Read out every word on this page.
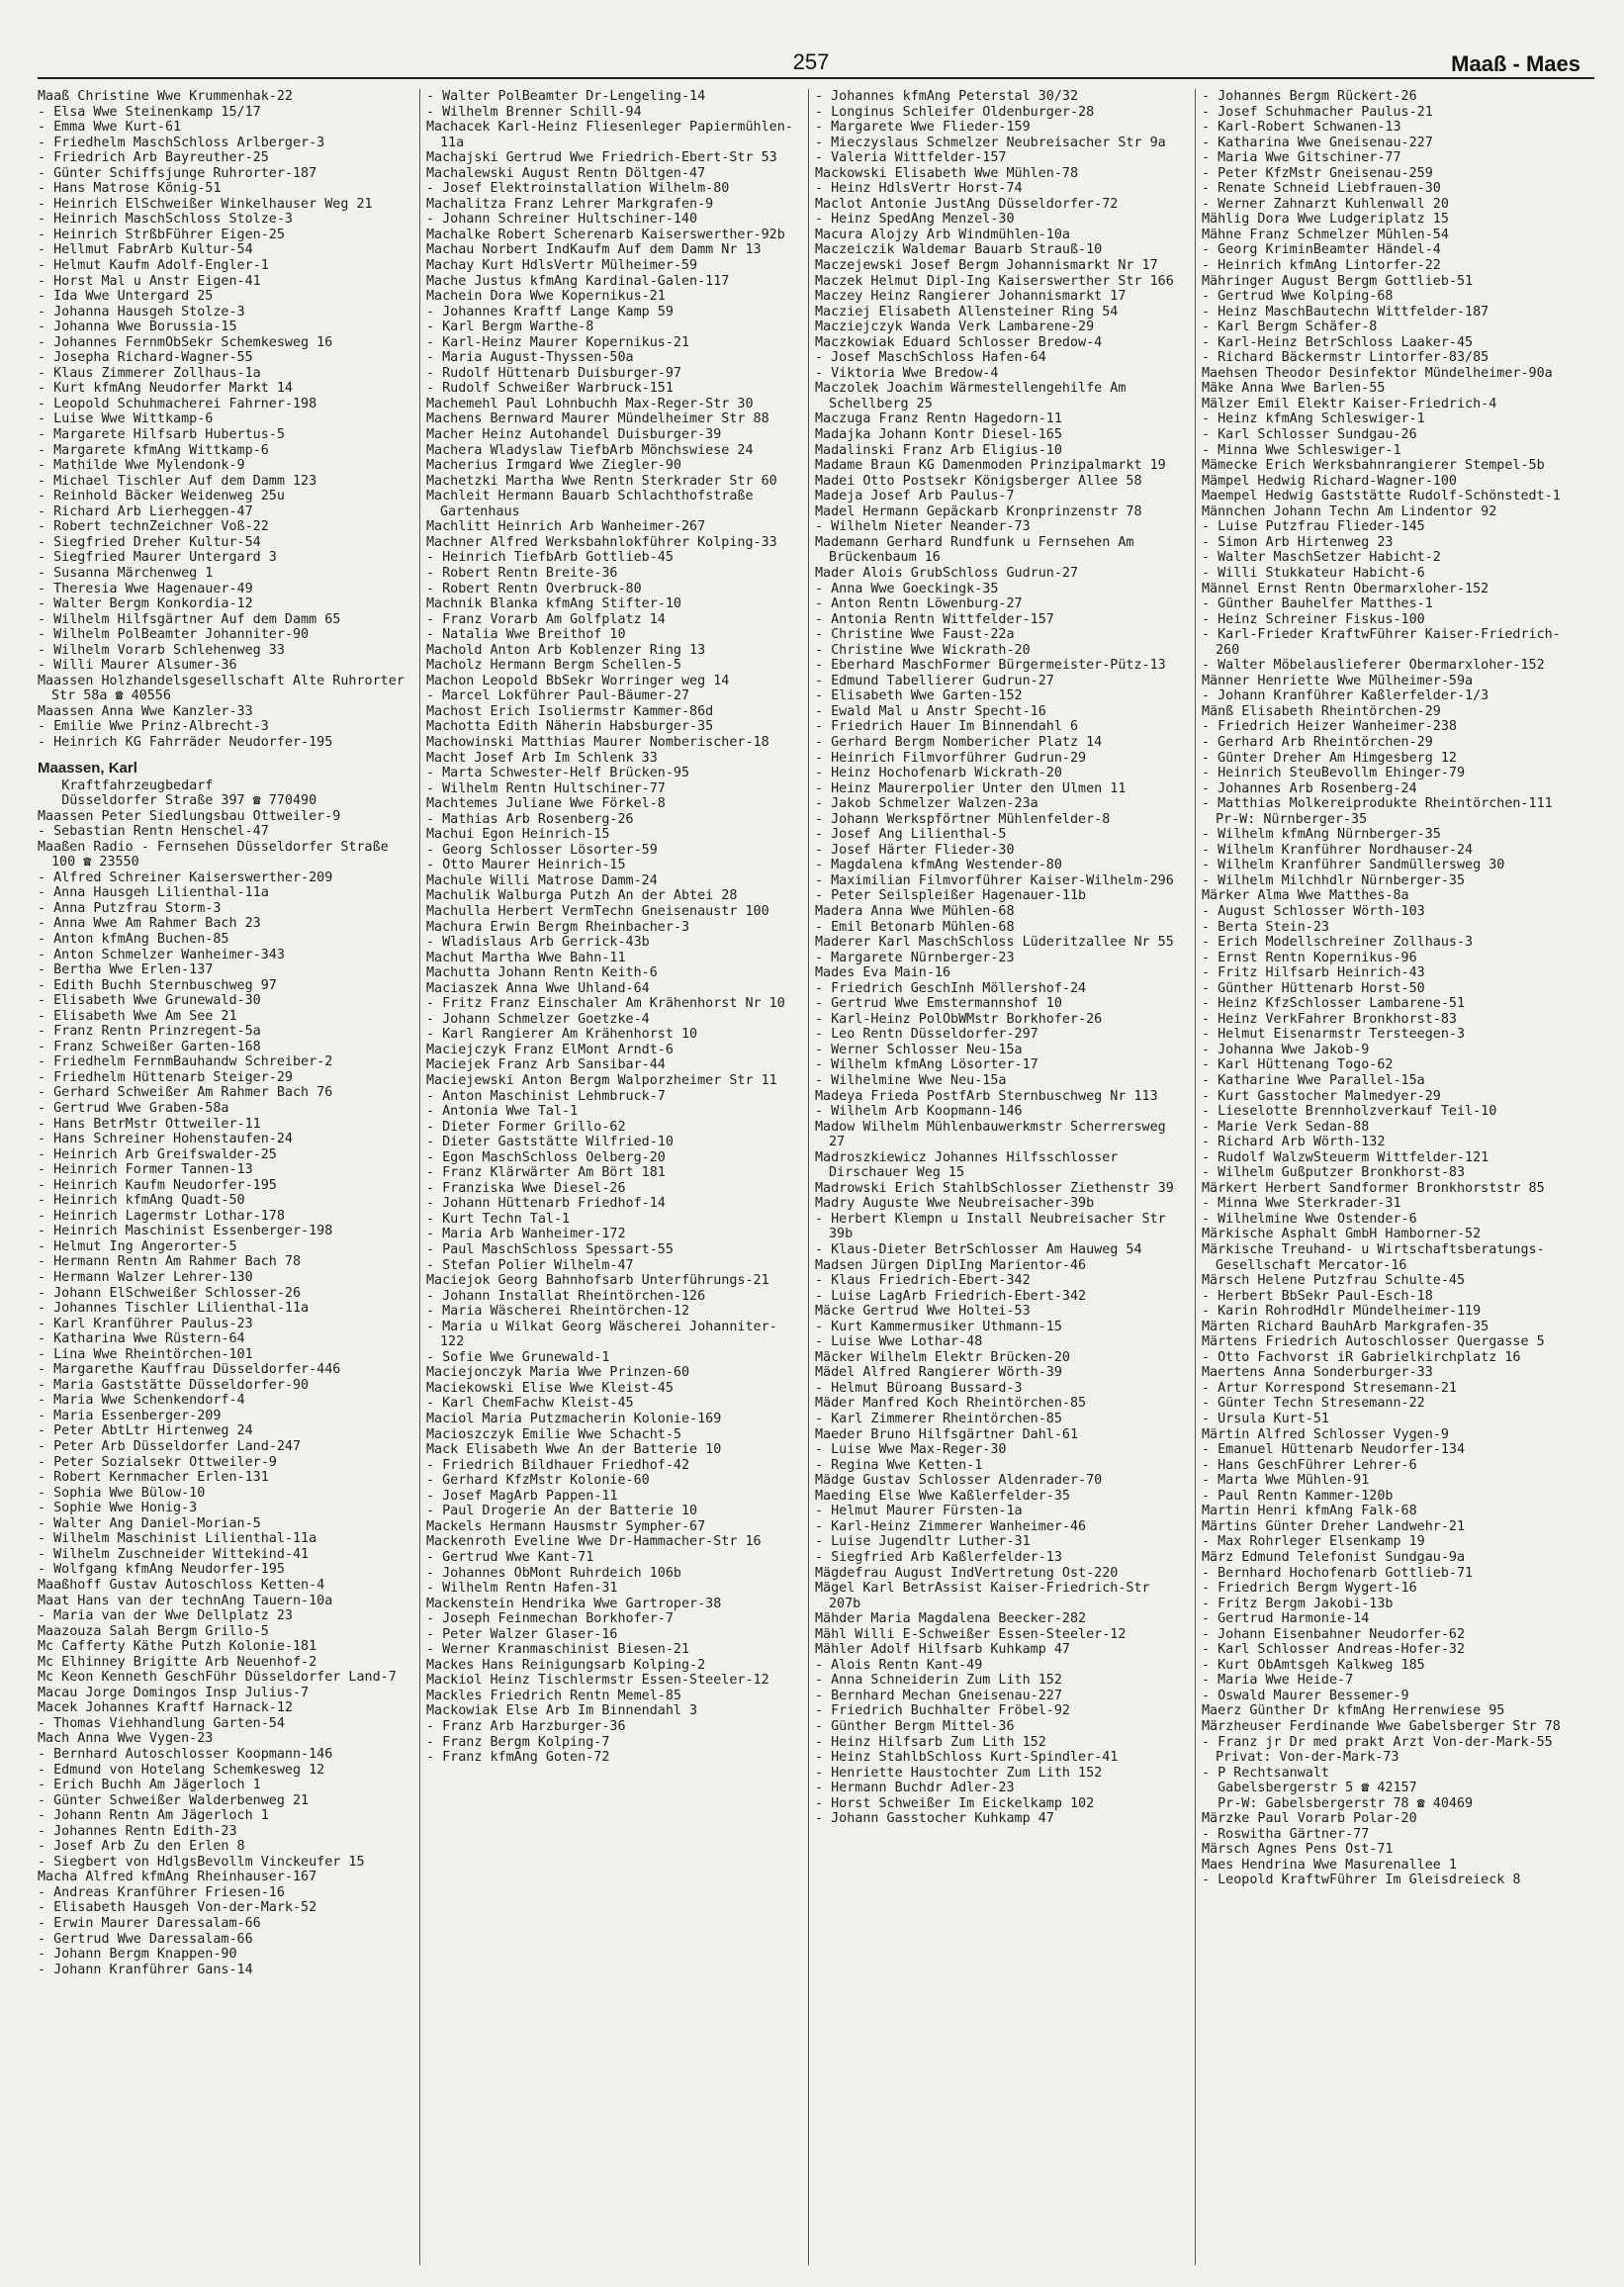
257	Maaß - Maes
Maaß Christine Wwe Krummenhak-22
- Elsa Wwe Steinenkamp 15/17
- Emma Wwe Kurt-61
- Friedhelm MaschSchloss Arlberger-3
- Friedrich Arb Bayreuther-25
- Günter Schiffsjunge Ruhrorter-187
- Hans Matrose König-51
- Heinrich ElSchweißer Winkelhauser Weg 21
- Heinrich MaschSchloss Stolze-3
- Heinrich StrßbFührer Eigen-25
- Hellmut FabrArb Kultur-54
- Helmut Kaufm Adolf-Engler-1
- Horst Mal u Anstr Eigen-41
- Ida Wwe Untergard 25
- Johanna Hausgeh Stolze-3
- Johanna Wwe Borussia-15
- Johannes FernmObSekr Schemkesweg 16
- Josepha Richard-Wagner-55
- Klaus Zimmerer Zollhaus-1a
- Kurt kfmAng Neudorfer Markt 14
- Leopold Schuhmacherei Fahrner-198
- Luise Wwe Wittkamp-6
- Margarete Hilfsarb Hubertus-5
- Margarete kfmAng Wittkamp-6
- Mathilde Wwe Mylendonk-9
- Michael Tischler Auf dem Damm 123
- Reinhold Bäcker Weidenweg 25u
- Richard Arb Lierheggen-47
- Robert technZeichner Voß-22
- Siegfried Dreher Kultur-54
- Siegfried Maurer Untergard 3
- Susanna Märchenweg 1
- Theresia Wwe Hagenauer-49
- Walter Bergm Konkordia-12
- Wilhelm Hilfsgärtner Auf dem Damm 65
- Wilhelm PolBeamter Johanniter-90
- Wilhelm Vorarb Schlehenweg 33
- Willi Maurer Alsumer-36
Maassen Holzhandelsgesellschaft Alte Ruhrorter Str 58a ☎ 40556
Maassen Anna Wwe Kanzler-33
- Emilie Wwe Prinz-Albrecht-3
- Heinrich KG Fahrräder Neudorfer-195
Maassen, Karl
Kraftfahrzeugbedarf
Düsseldorfer Straße 397 ☎ 770490
Maassen Peter Siedlungsbau Ottweiler-9
- Sebastian Rentn Henschel-47
Maaßen Radio - Fernsehen Düsseldorfer Straße 100 ☎ 23550
- Alfred Schreiner Kaiserswerther-209
- Anna Hausgeh Lilienthal-11a
- Anna Putzfrau Storm-3
- Anna Wwe Am Rahmer Bach 23
- Anton kfmAng Buchen-85
- Anton Schmelzer Wanheimer-343
- Bertha Wwe Erlen-137
- Edith Buchh Sternbuschweg 97
- Elisabeth Wwe Grunewald-30
- Elisabeth Wwe Am See 21
- Franz Rentn Prinzregent-5a
- Franz Schweißer Garten-168
- Friedhelm FernmBauhandw Schreiber-2
- Friedhelm Hüttenarb Steiger-29
- Gerhard Schweißer Am Rahmer Bach 76
- Gertrud Wwe Graben-58a
- Hans BetrMstr Ottweiler-11
- Hans Schreiner Hohenstaufen-24
- Heinrich Arb Greifswalder-25
- Heinrich Former Tannen-13
- Heinrich Kaufm Neudorfer-195
- Heinrich kfmAng Quadt-50
- Heinrich Lagermstr Lothar-178
- Heinrich Maschinist Essenberger-198
- Helmut Ing Angerorter-5
- Hermann Rentn Am Rahmer Bach 78
- Hermann Walzer Lehrer-130
- Johann ElSchweißer Schlosser-26
- Johannes Tischler Lilienthal-11a
- Karl Kranführer Paulus-23
- Katharina Wwe Rüstern-64
- Lina Wwe Rheintörchen-101
- Margarethe Kauffrau Düsseldorfer-446
- Maria Gaststätte Düsseldorfer-90
- Maria Wwe Schenkendorf-4
- Maria Essenberger-209
- Peter AbtLtr Hirtenweg 24
- Peter Arb Düsseldorfer Land-247
- Peter Sozialsekr Ottweiler-9
- Robert Kernmacher Erlen-131
- Sophia Wwe Bülow-10
- Sophie Wwe Honig-3
- Walter Ang Daniel-Morian-5
- Wilhelm Maschinist Lilienthal-11a
- Wilhelm Zuschneider Wittekind-41
- Wolfgang kfmAng Neudorfer-195
Maaßhoff Gustav Autoschloss Ketten-4
Maat Hans van der technAng Tauern-10a
- Maria van der Wwe Dellplatz 23
Maazouza Salah Bergm Grillo-5
Mc Cafferty Käthe Putzh Kolonie-181
Mc Elhinney Brigitte Arb Neuenhof-2
Mc Keon Kenneth GeschFühr Düsseldorfer Land-7
Macau Jorge Domingos Insp Julius-7
Macek Johannes Kraftf Harnack-12
- Thomas Viehhandlung Garten-54
Mach Anna Wwe Vygen-23
- Bernhard Autoschlosser Koopmann-146
- Edmund von Hotelang Schemkesweg 12
- Erich Buchh Am Jägerloch 1
- Günter Schweißer Walderbenweg 21
- Johann Rentn Am Jägerloch 1
- Johannes Rentn Edith-23
- Josef Arb Zu den Erlen 8
- Siegbert von HdlgsBevollm Vinckeufer 15
Macha Alfred kfmAng Rheinhauser-167
- Andreas Kranführer Friesen-16
- Elisabeth Hausgeh Von-der-Mark-52
- Erwin Maurer Daressalam-66
- Gertrud Wwe Daressalam-66
- Johann Bergm Knappen-90
- Johann Kranführer Gans-14
- Walter PolBeamter Dr-Lengeling-14
- Wilhelm Brenner Schill-94
Machacek Karl-Heinz Fliesenleger Papiermühlen-11a
Machajski Gertrud Wwe Friedrich-Ebert-Str 53
Machalewski August Rentn Döltgen-47
- Josef Elektroinstallation Wilhelm-80
Machalitza Franz Lehrer Markgrafen-9
- Johann Schreiner Hultschiner-140
Machalke Robert Scherenarb Kaiserswerther-92b
Machau Norbert IndKaufm Auf dem Damm Nr 13
Machay Kurt HdlsVertr Mülheimer-59
Mache Justus kfmAng Kardinal-Galen-117
Machein Dora Wwe Kopernikus-21
- Johannes Kraftf Lange Kamp 59
- Karl Bergm Warthe-8
- Karl-Heinz Maurer Kopernikus-21
- Maria August-Thyssen-50a
- Rudolf Hüttenarb Duisburger-97
- Rudolf Schweißer Warbruck-151
Machemehl Paul Lohnbuchh Max-Reger-Str 30
Machens Bernward Maurer Mündelheimer Str 88
Macher Heinz Autohandel Duisburger-39
Machera Wladyslaw TiefbArb Mönchswiese 24
Macherius Irmgard Wwe Ziegler-90
Machetzki Martha Wwe Rentn Sterkrader Str 60
Machleit Hermann Bauarb Schlachthofstraße Gartenhaus
Machlitt Heinrich Arb Wanheimer-267
Machner Alfred Werksbahnlokführer Kolping-33
- Heinrich TiefbArb Gottlieb-45
- Robert Rentn Breite-36
- Robert Rentn Overbruck-80
Machnik Blanka kfmAng Stifter-10
- Franz Vorarb Am Golfplatz 14
- Natalia Wwe Breithof 10
Machold Anton Arb Koblenzer Ring 13
Macholz Hermann Bergm Schellen-5
Machon Leopold BbSekr Worringer weg 14
- Marcel Lokführer Paul-Bäumer-27
Machost Erich Isoliermstr Kammer-86d
Machotta Edith Näherin Habsburger-35
Machowinski Matthias Maurer Nomberischer-18
Macht Josef Arb Im Schlenk 33
- Marta Schwester-Helf Brücken-95
- Wilhelm Rentn Hultschiner-77
Machtemes Juliane Wwe Förkel-8
- Mathias Arb Rosenberg-26
Machui Egon Heinrich-15
- Georg Schlosser Lösorter-59
- Otto Maurer Heinrich-15
Machule Willi Matrose Damm-24
Machulik Walburga Putzh An der Abtei 28
Machulla Herbert VermTechn Gneisenaustr 100
Machura Erwin Bergm Rheinbacher-3
- Wladislaus Arb Gerrick-43b
Machut Martha Wwe Bahn-11
Machutta Johann Rentn Keith-6
Maciaszek Anna Wwe Uhland-64
- Fritz Franz Einschaler Am Krähenhorst Nr 10
- Johann Schmelzer Goetzke-4
- Karl Rangierer Am Krähenhorst 10
Maciejczyk Franz ElMont Arndt-6
Maciejek Franz Arb Sansibar-44
Maciejewski Anton Bergm Walporzheimer Str 11
- Anton Maschinist Lehmbruck-7
- Antonia Wwe Tal-1
- Dieter Former Grillo-62
- Dieter Gaststätte Wilfried-10
- Egon MaschSchloss Oelberg-20
- Franz Klärwärter Am Bört 181
- Franziska Wwe Diesel-26
- Johann Hüttenarb Friedhof-14
- Kurt Techn Tal-1
- Maria Arb Wanheimer-172
- Paul MaschSchloss Spessart-55
- Stefan Polier Wilhelm-47
Maciejok Georg Bahnhofsarb Unterführungs-21
- Johann Installat Rheintörchen-126
- Maria Wäscherei Rheintörchen-12
- Maria u Wilkat Georg Wäscherei Johanniter-122
- Sofie Wwe Grunewald-1
Maciejonczyk Maria Wwe Prinzen-60
Maciekowski Elise Wwe Kleist-45
- Karl ChemFachw Kleist-45
Maciol Maria Putzmacherin Kolonie-169
Macioszczyk Emilie Wwe Schacht-5
Mack Elisabeth Wwe An der Batterie 10
- Friedrich Bildhauer Friedhof-42
- Gerhard KfzMstr Kolonie-60
- Josef MagArb Pappen-11
- Paul Drogerie An der Batterie 10
Mackels Hermann Hausmstr Sympher-67
Mackenroth Eveline Wwe Dr-Hammacher-Str 16
- Gertrud Wwe Kant-71
- Johannes ObMont Ruhrdeich 106b
- Wilhelm Rentn Hafen-31
Mackenstein Hendrika Wwe Gartroper-38
- Joseph Feinmechan Borkhofer-7
- Peter Walzer Glaser-16
- Werner Kranmaschinist Biesen-21
Mackes Hans Reinigungsarb Kolping-2
Mackiol Heinz Tischlermstr Essen-Steeler-12
Mackles Friedrich Rentn Memel-85
Mackowiak Else Arb Im Binnendahl 3
- Franz Arb Harzburger-36
- Franz Bergm Kolping-7
- Franz kfmAng Goten-72
- Johannes kfmAng Peterstal 30/32
- Longinus Schleifer Oldenburger-28
- Margarete Wwe Flieder-159
- Mieczyslaus Schmelzer Neubreisacher Str 9a
- Valeria Wittfelder-157
Mackowski Elisabeth Wwe Mühlen-78
- Heinz HdlsVertr Horst-74
Maclot Antonie JustAng Düsseldorfer-72
- Heinz SpedAng Menzel-30
Macura Alojzy Arb Windmühlen-10a
Maczeiczik Waldemar Bauarb Strauß-10
Maczejewski Josef Bergm Johannismarkt Nr 17
Maczek Helmut Dipl-Ing Kaiserswerther Str 166
Maczey Heinz Rangierer Johannismarkt 17
Macziej Elisabeth Allensteiner Ring 54
Macziejczyk Wanda Verk Lambarene-29
Maczkowiak Eduard Schlosser Bredow-4
- Josef MaschSchloss Hafen-64
- Viktoria Wwe Bredow-4
Maczolek Joachim Wärmestellengehilfe Am Schellberg 25
Maczuga Franz Rentn Hagedorn-11
Madajka Johann Kontr Diesel-165
Madalinski Franz Arb Eligius-10
Madame Braun KG Damenmoden Prinzipalmarkt 19
Madei Otto Postsekr Königsberger Allee 58
Madeja Josef Arb Paulus-7
Madel Hermann Gepäckarb Kronprinzenstr 78
- Wilhelm Nieter Neander-73
Mademann Gerhard Rundfunk u Fernsehen Am Brückenbaum 16
Mader Alois GrubSchloss Gudrun-27
- Anna Wwe Goeckingk-35
- Anton Rentn Löwenburg-27
- Antonia Rentn Wittfelder-157
- Christine Wwe Faust-22a
- Christine Wwe Wickrath-20
- Eberhard MaschFormer Bürgermeister-Pütz-13
- Edmund Tabellierer Gudrun-27
- Elisabeth Wwe Garten-152
- Ewald Mal u Anstr Specht-16
- Friedrich Hauer Im Binnendahl 6
- Gerhard Bergm Nombericher Platz 14
- Heinrich Filmvorführer Gudrun-29
- Heinz Hochofenarb Wickrath-20
- Heinz Maurerpolier Unter den Ulmen 11
- Jakob Schmelzer Walzen-23a
- Johann Werkspförtner Mühlenfelder-8
- Josef Ang Lilienthal-5
- Josef Härter Flieder-30
- Magdalena kfmAng Westender-80
- Maximilian Filmvorführer Kaiser-Wilhelm-296
- Peter Seilspleißer Hagenauer-11b
Madera Anna Wwe Mühlen-68
- Emil Betonarb Mühlen-68
Maderer Karl MaschSchloss Lüderitzallee Nr 55
- Margarete Nürnberger-23
Mades Eva Main-16
- Friedrich GeschInh Möllershof-24
- Gertrud Wwe Emstermannshof 10
- Karl-Heinz PolObWMstr Borkhofer-26
- Leo Rentn Düsseldorfer-297
- Werner Schlosser Neu-15a
- Wilhelm kfmAng Lösorter-17
- Wilhelmine Wwe Neu-15a
Madeya Frieda PostfArb Sternbuschweg Nr 113
- Wilhelm Arb Koopmann-146
Madow Wilhelm Mühlenbauwerkmstr Scherrersweg 27
Madroszkiewicz Johannes Hilfsschlosser Dirschauer Weg 15
Madrowski Erich StahlbSchlosser Ziethenstr 39
Madry Auguste Wwe Neubreisacher-39b
- Herbert Klempn u Install Neubreisacher Str 39b
- Klaus-Dieter BetrSchlosser Am Hauweg 54
Madsen Jürgen DiplIng Marientor-46
- Klaus Friedrich-Ebert-342
- Luise LagArb Friedrich-Ebert-342
Mäcke Gertrud Wwe Holtei-53
- Kurt Kammermusiker Uthmann-15
- Luise Wwe Lothar-48
Mäcker Wilhelm Elektr Brücken-20
Mädel Alfred Rangierer Wörth-39
- Helmut Büroang Bussard-3
Mäder Manfred Koch Rheintörchen-85
- Karl Zimmerer Rheintörchen-85
Maeder Bruno Hilfsgärtner Dahl-61
- Luise Wwe Max-Reger-30
- Regina Wwe Ketten-1
Mädge Gustav Schlosser Aldenrader-70
Maeding Else Wwe Kaßlerfelder-35
- Helmut Maurer Fürsten-1a
- Karl-Heinz Zimmerer Wanheimer-46
- Luise Jugendltr Luther-31
- Siegfried Arb Kaßlerfelder-13
Mägdefrau August IndVertretung Ost-220
Mägel Karl BetrAssist Kaiser-Friedrich-Str 207b
Mähder Maria Magdalena Beecker-282
Mähl Willi E-Schweißer Essen-Steeler-12
Mähler Adolf Hilfsarb Kuhkamp 47
- Alois Rentn Kant-49
- Anna Schneiderin Zum Lith 152
- Bernhard Mechan Gneisenau-227
- Friedrich Buchhalter Fröbel-92
- Günther Bergm Mittel-36
- Heinz Hilfsarb Zum Lith 152
- Heinz StahlbSchloss Kurt-Spindler-41
- Henriette Haustochter Zum Lith 152
- Hermann Buchdr Adler-23
- Horst Schweißer Im Eickelkamp 102
- Johann Gasstocher Kuhkamp 47
- Johannes Bergm Rückert-26
- Josef Schuhmacher Paulus-21
- Karl-Robert Schwanen-13
- Katharina Wwe Gneisenau-227
- Maria Wwe Gitschiner-77
- Peter KfzMstr Gneisenau-259
- Renate Schneid Liebfrauen-30
- Werner Zahnarzt Kuhlenwall 20
Mählig Dora Wwe Ludgeriplatz 15
Mähne Franz Schmelzer Mühlen-54
- Georg KriminBeamter Händel-4
- Heinrich kfmAng Lintorfer-22
Mähringer August Bergm Gottlieb-51
- Gertrud Wwe Kolping-68
- Heinz MaschBautechn Wittfelder-187
- Karl Bergm Schäfer-8
- Karl-Heinz BetrSchloss Laaker-45
- Richard Bäckermstr Lintorfer-83/85
Maehsen Theodor Desinfektor Mündelheimer-90a
Mäke Anna Wwe Barlen-55
Mälzer Emil Elektr Kaiser-Friedrich-4
- Heinz kfmAng Schleswiger-1
- Karl Schlosser Sundgau-26
- Minna Wwe Schleswiger-1
Mämecke Erich Werksbahnrangierer Stempel-5b
Mämpel Hedwig Richard-Wagner-100
Maempel Hedwig Gaststätte Rudolf-Schönstedt-1
Männchen Johann Techn Am Lindentor 92
- Luise Putzfrau Flieder-145
- Simon Arb Hirtenweg 23
- Walter MaschSetzer Habicht-2
- Willi Stukkateur Habicht-6
Männel Ernst Rentn Obermarxloher-152
- Günther Bauhelfer Matthes-1
- Heinz Schreiner Fiskus-100
- Karl-Frieder KraftwFührer Kaiser-Friedrich-260
- Walter Möbelauslieferer Obermarxloher-152
Männer Henriette Wwe Mülheimer-59a
- Johann Kranführer Kaßlerfelder-1/3
Mänß Elisabeth Rheintörchen-29
- Friedrich Heizer Wanheimer-238
- Gerhard Arb Rheintörchen-29
- Günter Dreher Am Himgesberg 12
- Heinrich SteuBevollm Ehinger-79
- Johannes Arb Rosenberg-24
- Matthias Molkereiprodukte Rheintörchen-111 Pr-W: Nürnberger-35
- Wilhelm kfmAng Nürnberger-35
- Wilhelm Kranführer Nordhauser-24
- Wilhelm Kranführer Sandmüllersweg 30
- Wilhelm Milchhdlr Nürnberger-35
Märker Alma Wwe Matthes-8a
- August Schlosser Wörth-103
- Berta Stein-23
- Erich Modellschreiner Zollhaus-3
- Ernst Rentn Kopernikus-96
- Fritz Hilfsarb Heinrich-43
- Günther Hüttenarb Horst-50
- Heinz KfzSchlosser Lambarene-51
- Heinz VerkFahrer Bronkhorst-83
- Helmut Eisenarmstr Tersteegen-3
- Johanna Wwe Jakob-9
- Karl Hüttenang Togo-62
- Katharine Wwe Parallel-15a
- Kurt Gasstocher Malmedyer-29
- Lieselotte Brennholzverkauf Teil-10
- Marie Verk Sedan-88
- Richard Arb Wörth-132
- Rudolf WalzwSteuerm Wittfelder-121
- Wilhelm Gußputzer Bronkhorst-83
Märkert Herbert Sandformer Bronkhorststr 85
- Minna Wwe Sterkrader-31
- Wilhelmine Wwe Ostender-6
Märkische Asphalt GmbH Hamborner-52
Märkische Treuhand- u Wirtschaftsberatungs-Gesellschaft Mercator-16
Märsch Helene Putzfrau Schulte-45
- Herbert BbSekr Paul-Esch-18
- Karin RohrodHdlr Mündelheimer-119
Märten Richard BauhArb Markgrafen-35
Märtens Friedrich Autoschlosser Quergasse 5
- Otto Fachvorst iR Gabrielkirchplatz 16
Maertens Anna Sonderburger-33
- Artur Korrespond Stresemann-21
- Günter Techn Stresemann-22
- Ursula Kurt-51
Märtin Alfred Schlosser Vygen-9
- Emanuel Hüttenarb Neudorfer-134
- Hans GeschFührer Lehrer-6
- Marta Wwe Mühlen-91
- Paul Rentn Kammer-120b
Martin Henri kfmAng Falk-68
Märtins Günter Dreher Landwehr-21
- Max Rohrleger Elsenkamp 19
März Edmund Telefonist Sundgau-9a
- Bernhard Hochofenarb Gottlieb-71
- Friedrich Bergm Wygert-16
- Fritz Bergm Jakobi-13b
- Gertrud Harmonie-14
- Johann Eisenbahner Neudorfer-62
- Karl Schlosser Andreas-Hofer-32
- Kurt ObAmtsgeh Kalkweg 185
- Maria Wwe Heide-7
- Oswald Maurer Bessemer-9
Maerz Günther Dr kfmAng Herrenwiese 95
Märzheuser Ferdinande Wwe Gabelsberger Str 78
- Franz jr Dr med prakt Arzt Von-der-Mark-55 Privat: Von-der-Mark-73
- P Rechtsanwalt
Gabelsbergerstr 5 ☎ 42157
Pr-W: Gabelsbergerstr 78 ☎ 40469
Märzke Paul Vorarb Polar-20
- Roswitha Gärtner-77
Märsch Agnes Pens Ost-71
Maes Hendrina Wwe Masurenallee 1
- Leopold KraftwFührer Im Gleisdreieck 8
